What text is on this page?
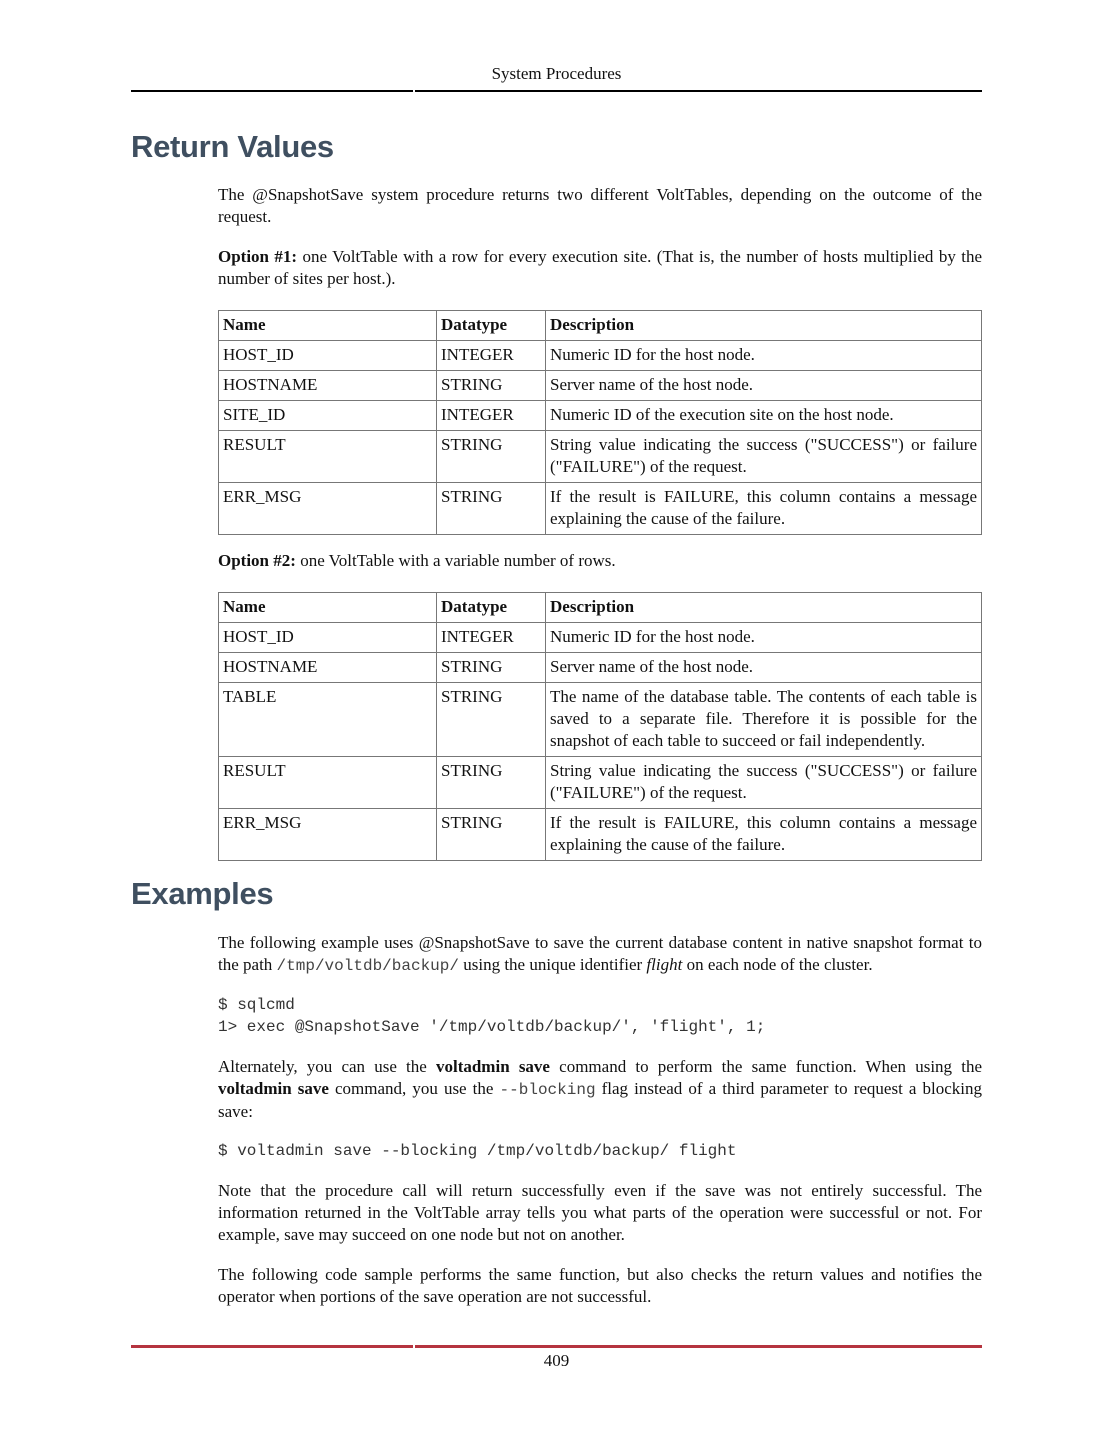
System Procedures
Return Values

The @SnapshotSave system procedure returns two different VoltTables, depending on the outcome of the request.

Option #1: one VoltTable with a row for every execution site. (That is, the number of hosts multiplied by the number of sites per host.).

Name	Datatype	Description
HOST_ID	INTEGER	Numeric ID for the host node.
HOSTNAME	STRING	Server name of the host node.
SITE_ID	INTEGER	Numeric ID of the execution site on the host node.
RESULT	STRING	String value indicating the success ("SUCCESS") or failure ("FAILURE") of the request.
ERR_MSG	STRING	If the result is FAILURE, this column contains a message explaining the cause of the failure.

Option #2: one VoltTable with a variable number of rows.

Name	Datatype	Description
HOST_ID	INTEGER	Numeric ID for the host node.
HOSTNAME	STRING	Server name of the host node.
TABLE	STRING	The name of the database table. The contents of each table is saved to a separate file. Therefore it is possible for the snapshot of each table to succeed or fail independently.
RESULT	STRING	String value indicating the success ("SUCCESS") or failure ("FAILURE") of the request.
ERR_MSG	STRING	If the result is FAILURE, this column contains a message explaining the cause of the failure.
Examples

The following example uses @SnapshotSave to save the current database content in native snapshot format to the path /tmp/voltdb/backup/ using the unique identifier flight on each node of the cluster.

$ sqlcmd
1> exec @SnapshotSave '/tmp/voltdb/backup/', 'flight', 1;

Alternately, you can use the voltadmin save command to perform the same function. When using the voltadmin save command, you use the --blocking flag instead of a third parameter to request a blocking save:

$ voltadmin save --blocking /tmp/voltdb/backup/ flight

Note that the procedure call will return successfully even if the save was not entirely successful. The information returned in the VoltTable array tells you what parts of the operation were successful or not. For example, save may succeed on one node but not on another.

The following code sample performs the same function, but also checks the return values and notifies the operator when portions of the save operation are not successful.

409
